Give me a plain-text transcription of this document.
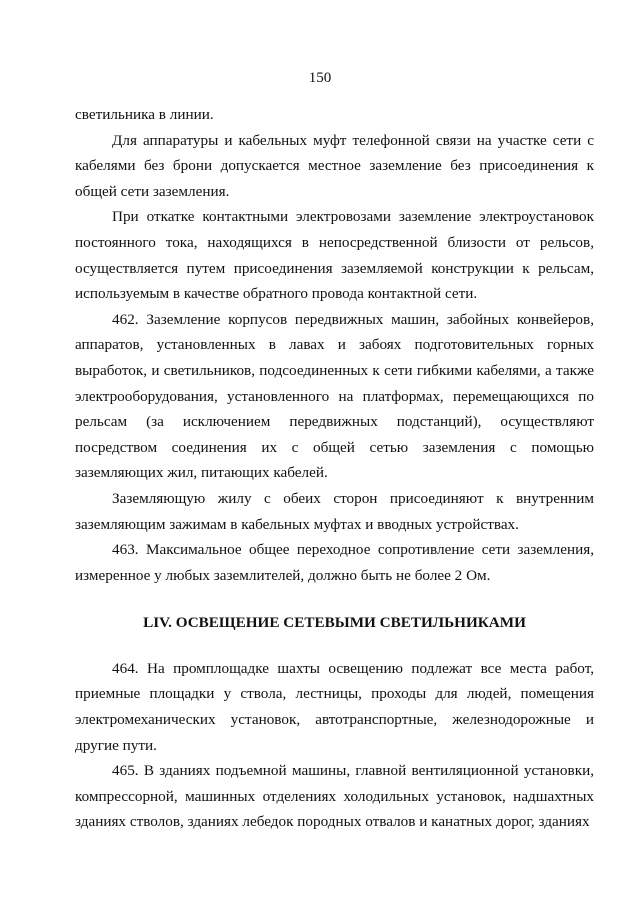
150

светильника в линии.

Для аппаратуры и кабельных муфт телефонной связи на участке сети с кабелями без брони допускается местное заземление без присоединения к общей сети заземления.

При откатке контактными электровозами заземление электроустановок постоянного тока, находящихся в непосредственной близости от рельсов, осуществляется путем присоединения заземляемой конструкции к рельсам, используемым в качестве обратного провода контактной сети.

462. Заземление корпусов передвижных машин, забойных конвейеров, аппаратов, установленных в лавах и забоях подготовительных горных выработок, и светильников, подсоединенных к сети гибкими кабелями, а также электрооборудования, установленного на платформах, перемещающихся по рельсам (за исключением передвижных подстанций), осуществляют посредством соединения их с общей сетью заземления с помощью заземляющих жил, питающих кабелей.

Заземляющую жилу с обеих сторон присоединяют к внутренним заземляющим зажимам в кабельных муфтах и вводных устройствах.

463. Максимальное общее переходное сопротивление сети заземления, измеренное у любых заземлителей, должно быть не более 2 Ом.

LIV. ОСВЕЩЕНИЕ СЕТЕВЫМИ СВЕТИЛЬНИКАМИ

464. На промплощадке шахты освещению подлежат все места работ, приемные площадки у ствола, лестницы, проходы для людей, помещения электромеханических установок, автотранспортные, железнодорожные и другие пути.

465. В зданиях подъемной машины, главной вентиляционной установки, компрессорной, машинных отделениях холодильных установок, надшахтных зданиях стволов, зданиях лебедок породных отвалов и канатных дорог, зданиях
